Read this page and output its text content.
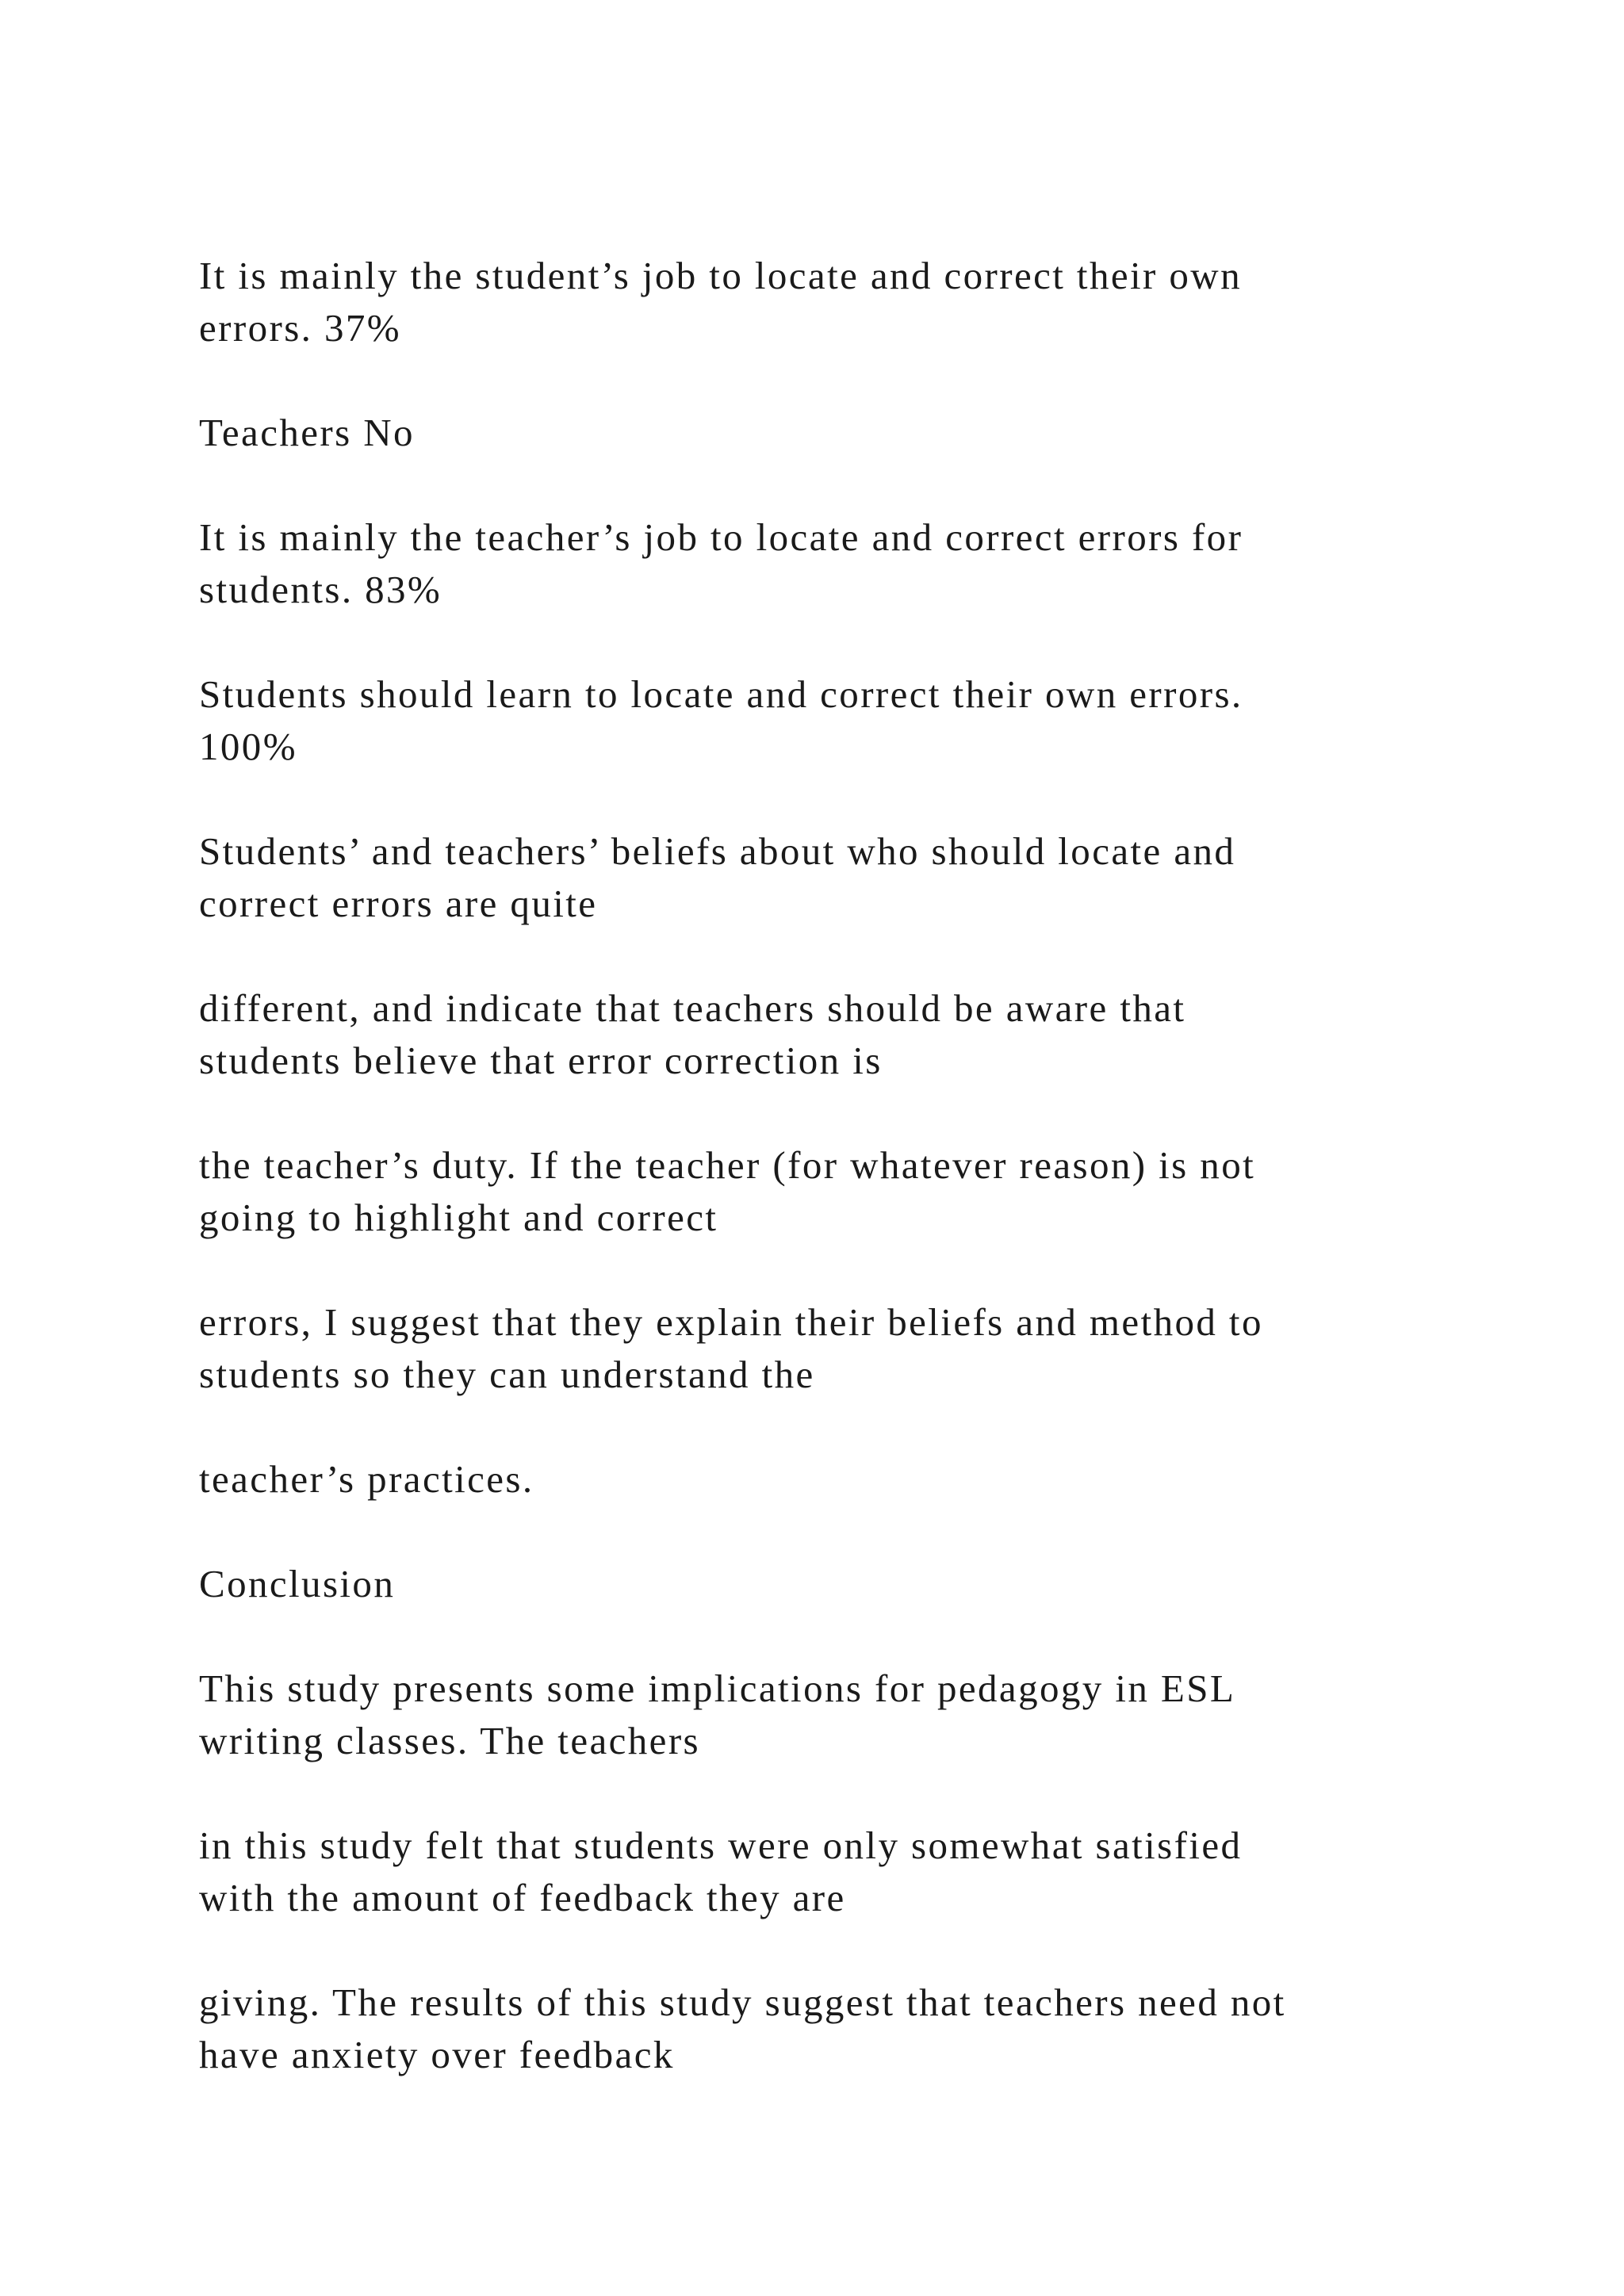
It is mainly the student’s job to locate and correct their own
errors. 37%

Teachers No

It is mainly the teacher’s job to locate and correct errors for
students. 83%

Students should learn to locate and correct their own errors.
100%

Students’ and teachers’ beliefs about who should locate and
correct errors are quite

different, and indicate that teachers should be aware that
students believe that error correction is

the teacher’s duty. If the teacher (for whatever reason) is not
going to highlight and correct

errors, I suggest that they explain their beliefs and method to
students so they can understand the

teacher’s practices.

Conclusion

This study presents some implications for pedagogy in ESL
writing classes. The teachers

in this study felt that students were only somewhat satisfied
with the amount of feedback they are

giving. The results of this study suggest that teachers need not
have anxiety over feedback
